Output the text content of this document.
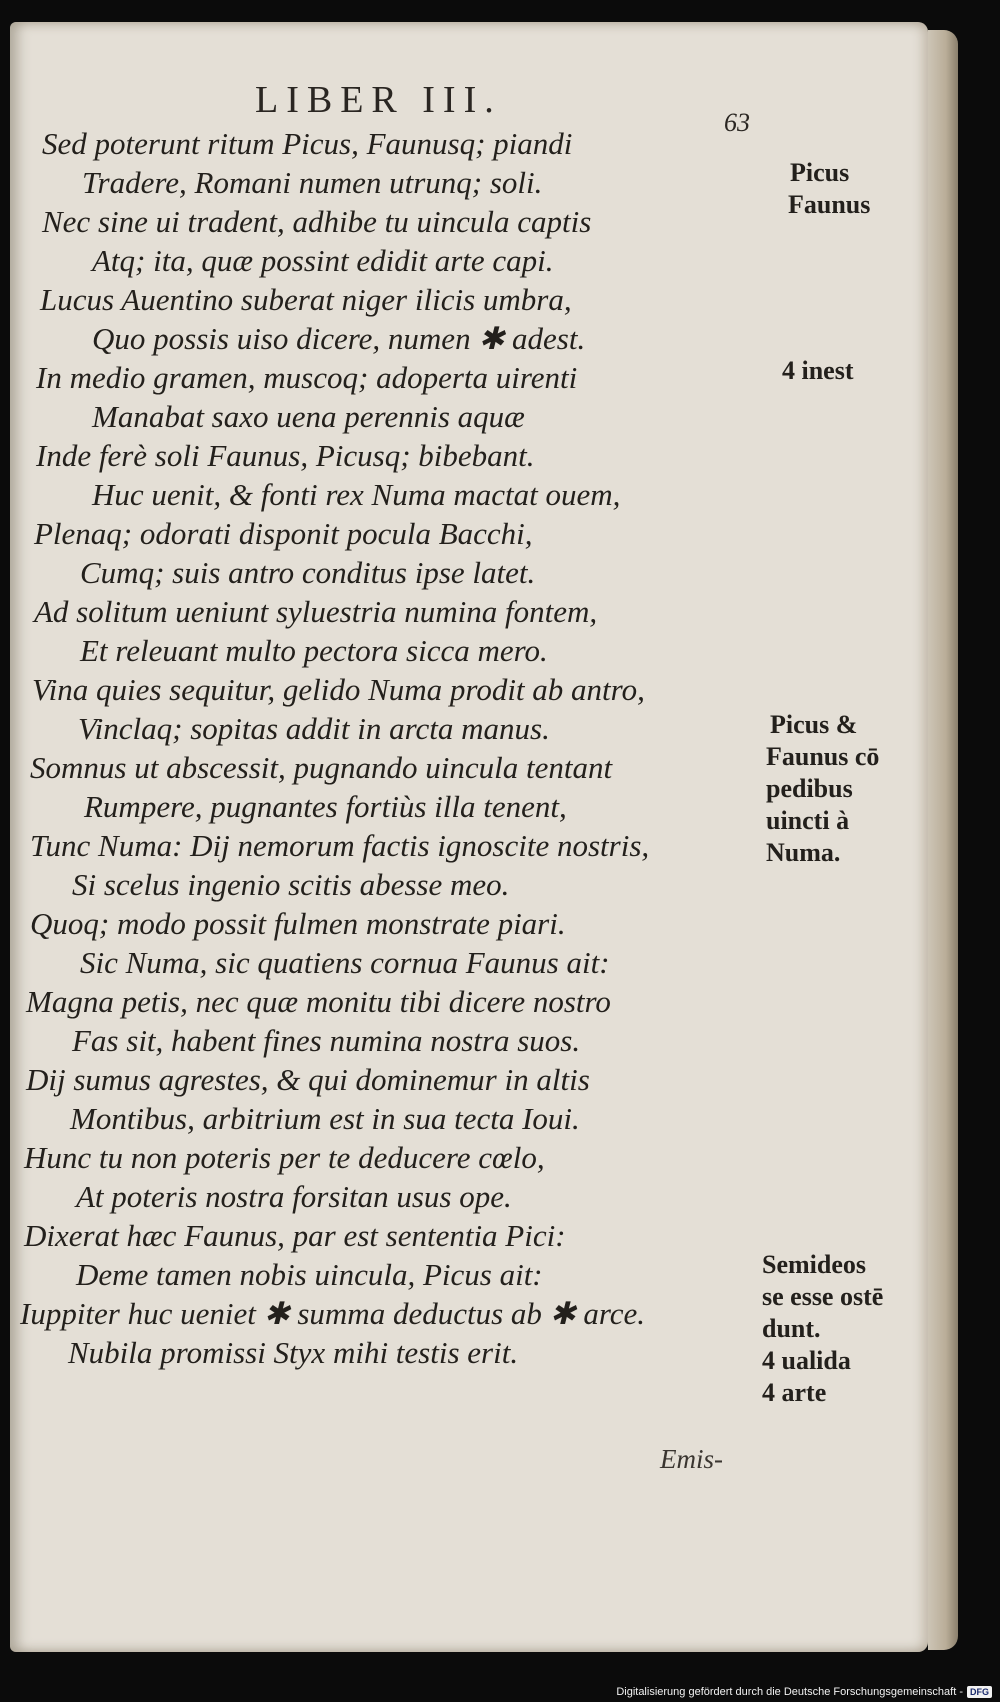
LIBER III.
63
Sed poterunt ritum Picus, Faunusq; piandi
Tradere, Romani numen utrunq; soli.
Nec sine ui tradent, adhibe tu uincula captis
Atq; ita, quæ possint edidit arte capi.
Lucus Auentino suberat niger ilicis umbra,
Quo possis uiso dicere, numen ✱ adest.
In medio gramen, muscoq; adoperta uirenti
Manabat saxo uena perennis aquæ
Inde ferè soli Faunus, Picusq; bibebant.
Huc uenit, & fonti rex Numa mactat ouem,
Plenaq; odorati disponit pocula Bacchi,
Cumq; suis antro conditus ipse latet.
Ad solitum ueniunt syluestria numina fontem,
Et releuant multo pectora sicca mero.
Vina quies sequitur, gelido Numa prodit ab antro,
Vinclaq; sopitas addit in arcta manus.
Somnus ut abscessit, pugnando uincula tentant
Rumpere, pugnantes fortiùs illa tenent,
Tunc Numa: Dij nemorum factis ignoscite nostris,
Si scelus ingenio scitis abesse meo.
Quoq; modo possit fulmen monstrate piari.
Sic Numa, sic quatiens cornua Faunus ait:
Magna petis, nec quæ monitu tibi dicere nostro
Fas sit, habent fines numina nostra suos.
Dij sumus agrestes, & qui dominemur in altis
Montibus, arbitrium est in sua tecta Ioui.
Hunc tu non poteris per te deducere cœlo,
At poteris nostra forsitan usus ope.
Dixerat hæc Faunus, par est sententia Pici:
Deme tamen nobis uincula, Picus ait:
Iuppiter huc ueniet ✱ summa deductus ab ✱ arce.
Nubila promissi Styx mihi testis erit.
Picus
Faunus
4 inest
Picus &
Faunus cō
pedibus
uincti à
Numa.
Semideos
se esse ostē
dunt.
4 ualida
4 arte
Emis-
Digitalisierung gefördert durch die Deutsche Forschungsgemeinschaft - DFG
